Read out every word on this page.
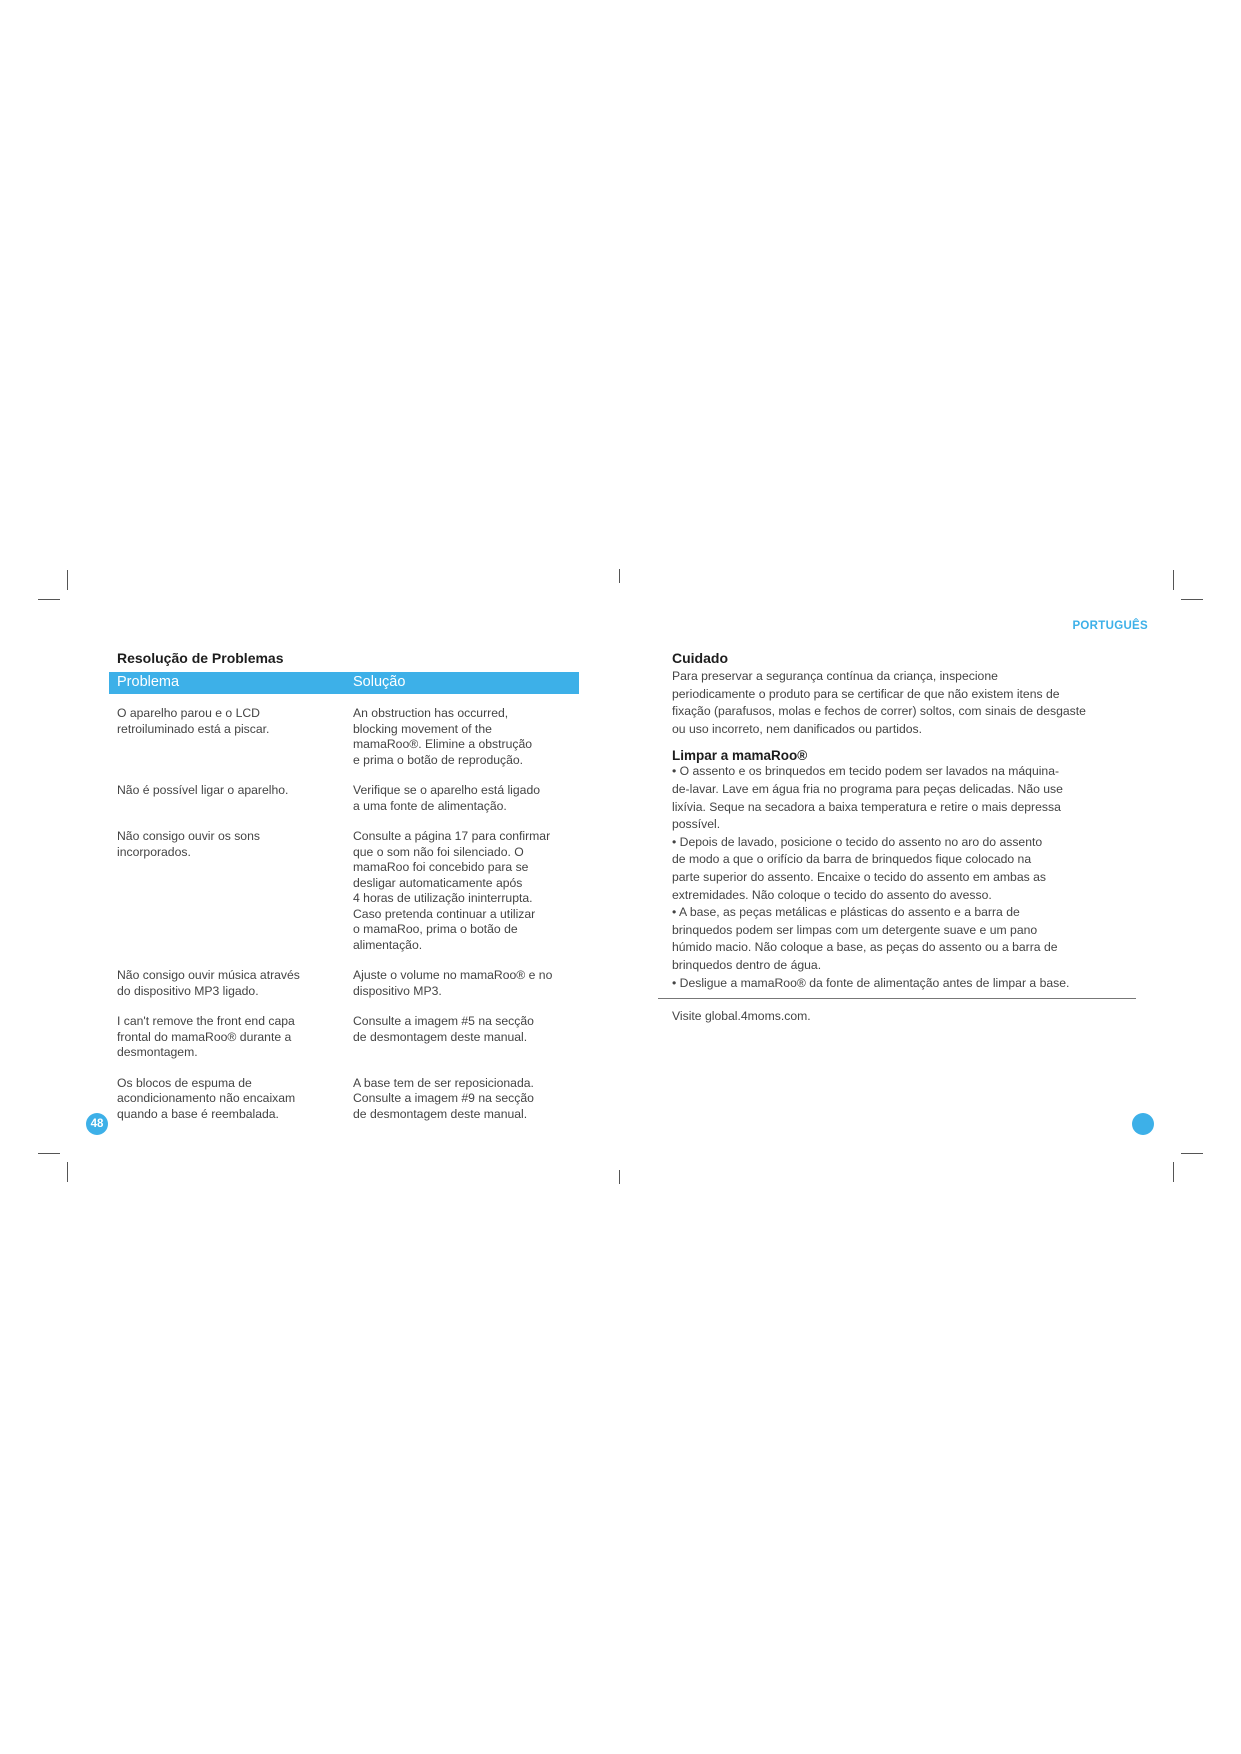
Resolução de Problemas
Problema	Solução
O aparelho parou e o LCD
retroiluminado está a piscar.
An obstruction has occurred,
blocking movement of the
mamaRoo®. Elimine a obstrução
e prima o botão de reprodução.
Não é possível ligar o aparelho.	Verifique se o aparelho está ligado
a uma fonte de alimentação.
Não consigo ouvir os sons
incorporados.
Consulte a página 17 para confirmar
que o som não foi silenciado. O
mamaRoo foi concebido para se
desligar automaticamente após
4 horas de utilização ininterrupta.
Caso pretenda continuar a utilizar
o mamaRoo, prima o botão de
alimentação.
Não consigo ouvir música através
do dispositivo MP3 ligado.
Ajuste o volume no mamaRoo® e no
dispositivo MP3.
I can't remove the front end capa
frontal do mamaRoo® durante a
desmontagem.
Consulte a imagem #5 na secção
de desmontagem deste manual.
Os blocos de espuma de
acondicionamento não encaixam
quando a base é reembalada.
A base tem de ser reposicionada.
Consulte a imagem #9 na secção
de desmontagem deste manual.
48
PORTUGUÊS
Cuidado

Para preservar a segurança contínua da criança, inspecione

periodicamente o produto para se certificar de que não existem itens de

fixação (parafusos, molas e fechos de correr) soltos, com sinais de desgaste

ou uso incorreto, nem danificados ou partidos.

Limpar a mamaRoo®

• O assento e os brinquedos em tecido podem ser lavados na máquina-

de-lavar. Lave em água fria no programa para peças delicadas. Não use

lixívia. Seque na secadora a baixa temperatura e retire o mais depressa

possível.

• Depois de lavado, posicione o tecido do assento no aro do assento

de modo a que o orifício da barra de brinquedos fique colocado na

parte superior do assento. Encaixe o tecido do assento em ambas as

extremidades. Não coloque o tecido do assento do avesso.

• A base, as peças metálicas e plásticas do assento e a barra de

brinquedos podem ser limpas com um detergente suave e um pano

húmido macio. Não coloque a base, as peças do assento ou a barra de

brinquedos dentro de água.

• Desligue a mamaRoo® da fonte de alimentação antes de limpar a base.

Visite global.4moms.com.
